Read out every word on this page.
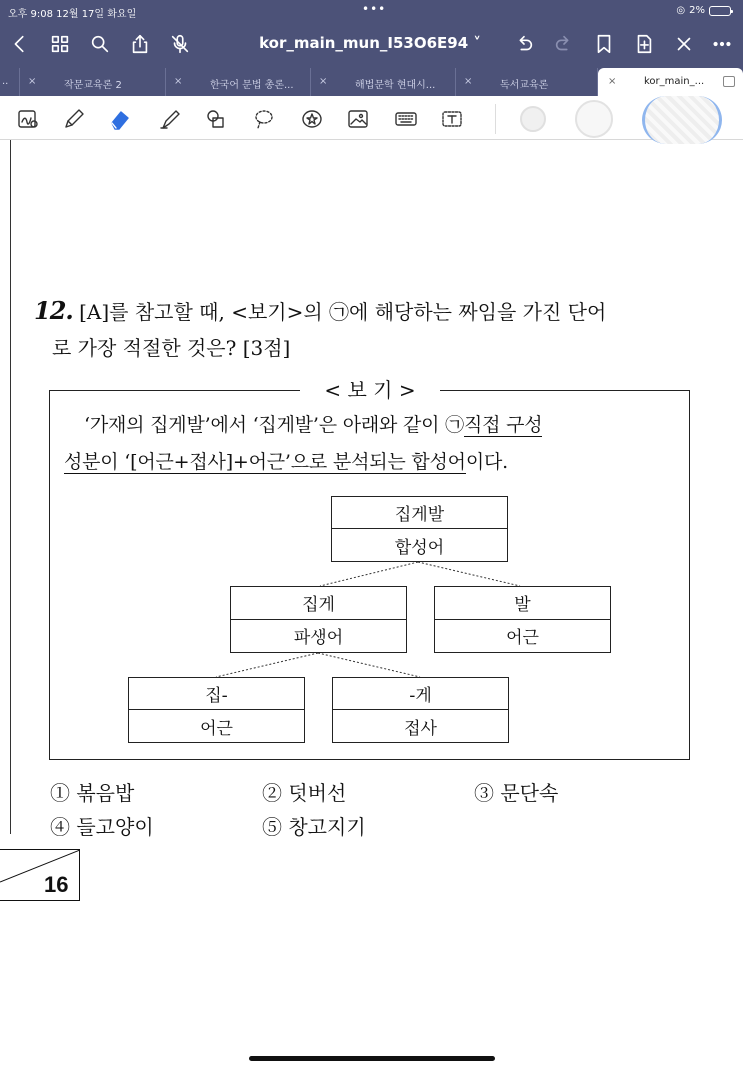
오후 9:08 12월 17일 화요일	•••	◎ 2%
kor_main_mun_I53O6E94 ˅
.. ×	작문교육론 2	×	한국어 문법 총론...	×	해법문학 현대시...	×	독서교육론	×	kor_main_...
12. [A]를 참고할 때, <보기>의 ㉠에 해당하는 짜임을 가진 단어
로 가장 적절한 것은? [3점]
< 보 기 >
‘가재의 집게발’에서 ‘집게발’은 아래와 같이 ㉠직접 구성
성분이 ‘[어근+접사]+어근’으로 분석되는 합성어이다.
집게발
합성어
집게
파생어
발
어근
집-
어근
-게
접사
① 볶음밥	② 덧버선	③ 문단속
④ 들고양이	⑤ 창고지기
16
